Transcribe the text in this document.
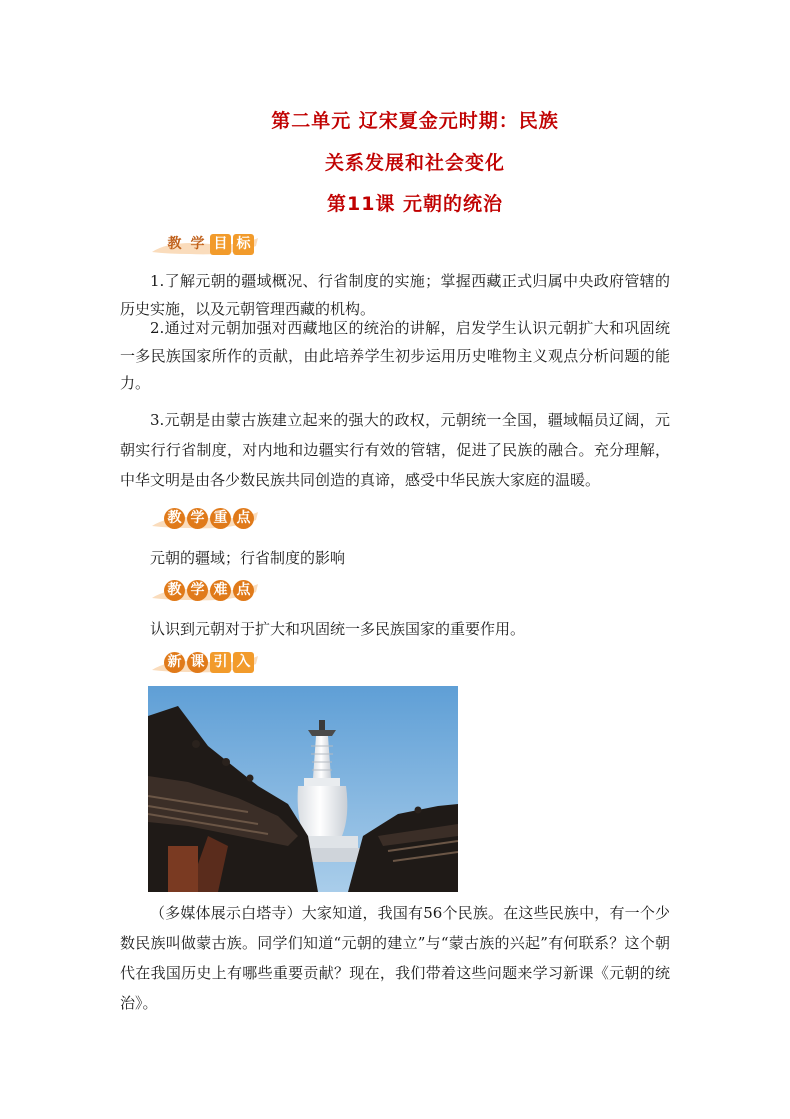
第二单元 辽宋夏金元时期：民族
关系发展和社会变化
第11课 元朝的统治
教 学 目 标
1.了解元朝的疆域概况、行省制度的实施；掌握西藏正式归属中央政府管辖的历史实施，以及元朝管理西藏的机构。
2.通过对元朝加强对西藏地区的统治的讲解，启发学生认识元朝扩大和巩固统一多民族国家所作的贡献，由此培养学生初步运用历史唯物主义观点分析问题的能力。
3.元朝是由蒙古族建立起来的强大的政权，元朝统一全国，疆域幅员辽阔，元朝实行行省制度，对内地和边疆实行有效的管辖，促进了民族的融合。充分理解，中华文明是由各少数民族共同创造的真谛，感受中华民族大家庭的温暖。
教 学 重 点
元朝的疆域；行省制度的影响
教 学 难 点
认识到元朝对于扩大和巩固统一多民族国家的重要作用。
新 课 引 入
（多媒体展示白塔寺）大家知道，我国有56个民族。在这些民族中，有一个少数民族叫做蒙古族。同学们知道“元朝的建立”与“蒙古族的兴起”有何联系？这个朝代在我国历史上有哪些重要贡献？现在，我们带着这些问题来学习新课《元朝的统治》。
